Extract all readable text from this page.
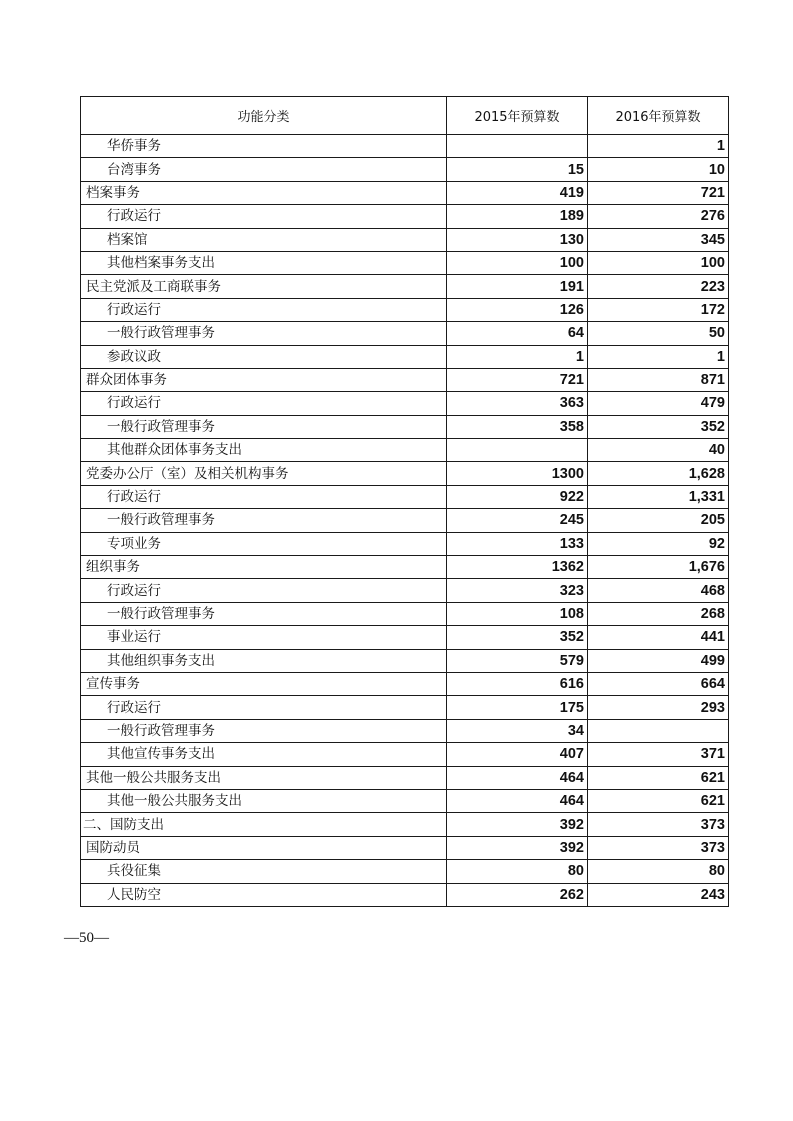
功能分类	2015年预算数	2016年预算数
华侨事务		1
台湾事务	15	10
档案事务	419	721
行政运行	189	276
档案馆	130	345
其他档案事务支出	100	100
民主党派及工商联事务	191	223
行政运行	126	172
一般行政管理事务	64	50
参政议政	1	1
群众团体事务	721	871
行政运行	363	479
一般行政管理事务	358	352
其他群众团体事务支出		40
党委办公厅（室）及相关机构事务	1300	1,628
行政运行	922	1,331
一般行政管理事务	245	205
专项业务	133	92
组织事务	1362	1,676
行政运行	323	468
一般行政管理事务	108	268
事业运行	352	441
其他组织事务支出	579	499
宣传事务	616	664
行政运行	175	293
一般行政管理事务	34	
其他宣传事务支出	407	371
其他一般公共服务支出	464	621
其他一般公共服务支出	464	621
二、国防支出	392	373
国防动员	392	373
兵役征集	80	80
人民防空	262	243
—50—
